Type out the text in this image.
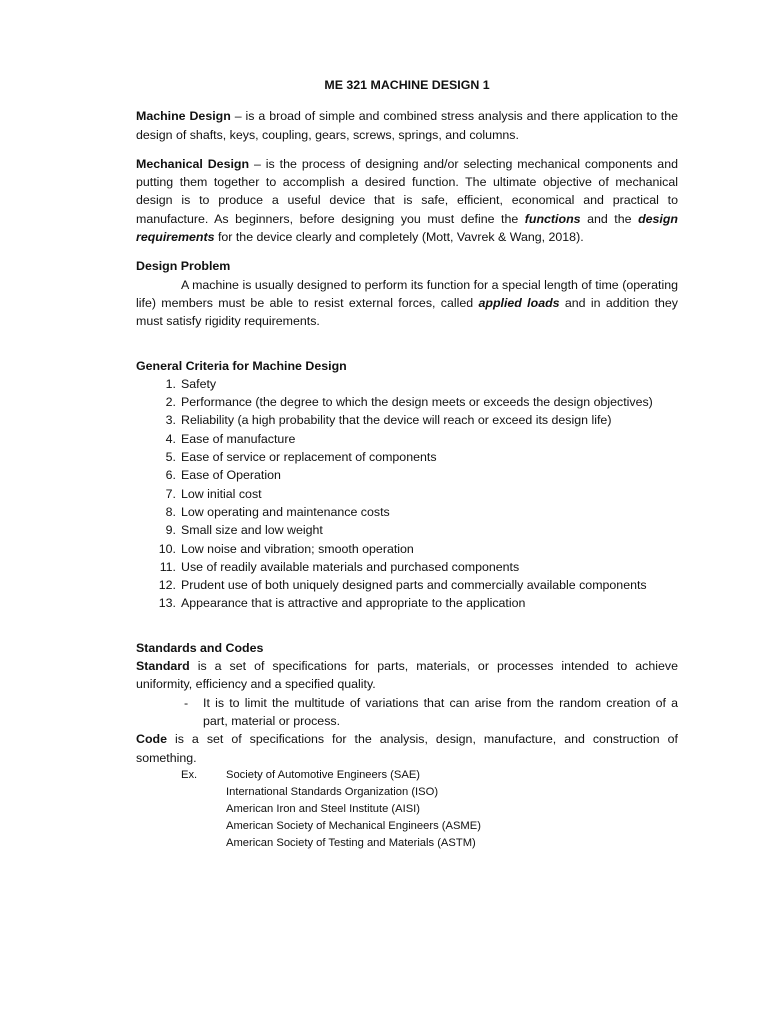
ME 321 MACHINE DESIGN 1

Machine Design – is a broad of simple and combined stress analysis and there application to the design of shafts, keys, coupling, gears, screws, springs, and columns.

Mechanical Design – is the process of designing and/or selecting mechanical components and putting them together to accomplish a desired function. The ultimate objective of mechanical design is to produce a useful device that is safe, efficient, economical and practical to manufacture. As beginners, before designing you must define the functions and the design requirements for the device clearly and completely (Mott, Vavrek & Wang, 2018).

Design Problem

A machine is usually designed to perform its function for a special length of time (operating life) members must be able to resist external forces, called applied loads and in addition they must satisfy rigidity requirements.

General Criteria for Machine Design
1. Safety
2. Performance (the degree to which the design meets or exceeds the design objectives)
3. Reliability (a high probability that the device will reach or exceed its design life)
4. Ease of manufacture
5. Ease of service or replacement of components
6. Ease of Operation
7. Low initial cost
8. Low operating and maintenance costs
9. Small size and low weight
10. Low noise and vibration; smooth operation
11. Use of readily available materials and purchased components
12. Prudent use of both uniquely designed parts and commercially available components
13. Appearance that is attractive and appropriate to the application
Standards and Codes
Standard is a set of specifications for parts, materials, or processes intended to achieve uniformity, efficiency and a specified quality.
- It is to limit the multitude of variations that can arise from the random creation of a part, material or process.
Code is a set of specifications for the analysis, design, manufacture, and construction of something.
Ex.	Society of Automotive Engineers (SAE)
International Standards Organization (ISO)
American Iron and Steel Institute (AISI)
American Society of Mechanical Engineers (ASME)
American Society of Testing and Materials (ASTM)
